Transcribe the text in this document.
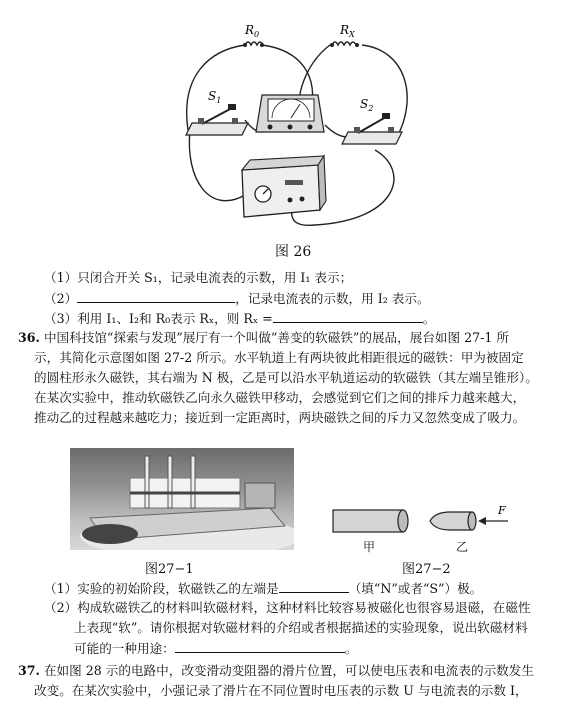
$R_0$	$R_X$
$S_1$	$S_2$
图 26
（1）只闭合开关 S₁，记录电流表的示数，用 I₁ 表示；
（2）	，记录电流表的示数，用 I₂ 表示。
（3）利用 I₁、I₂和 R₀表示 Rₓ，则 Rₓ =	。
36. 中国科技馆“探索与发现”展厅有一个叫做“善变的软磁铁”的展品，展台如图 27-1 所
示，其简化示意图如图 27-2 所示。水平轨道上有两块彼此相距很远的磁铁：甲为被固定
的圆柱形永久磁铁，其右端为 N 极，乙是可以沿水平轨道运动的软磁铁（其左端呈锥形）。
在某次实验中，推动软磁铁乙向永久磁铁甲移动，会感觉到它们之间的排斥力越来越大，
推动乙的过程越来越吃力；接近到一定距离时，两块磁铁之间的斥力又忽然变成了吸力。
图27−1
F
甲	乙
图27−2
（1）实验的初始阶段，软磁铁乙的左端是	（填“N”或者“S”）极。
（2）构成软磁铁乙的材料叫软磁材料，这种材料比较容易被磁化也很容易退磁，在磁性
上表现“软”。请你根据对软磁材料的介绍或者根据描述的实验现象，说出软磁材料
可能的一种用途：	。
37. 在如图 28 示的电路中，改变滑动变阻器的滑片位置，可以使电压表和电流表的示数发生
改变。在某次实验中，小强记录了滑片在不同位置时电压表的示数 U 与电流表的示数 I，
